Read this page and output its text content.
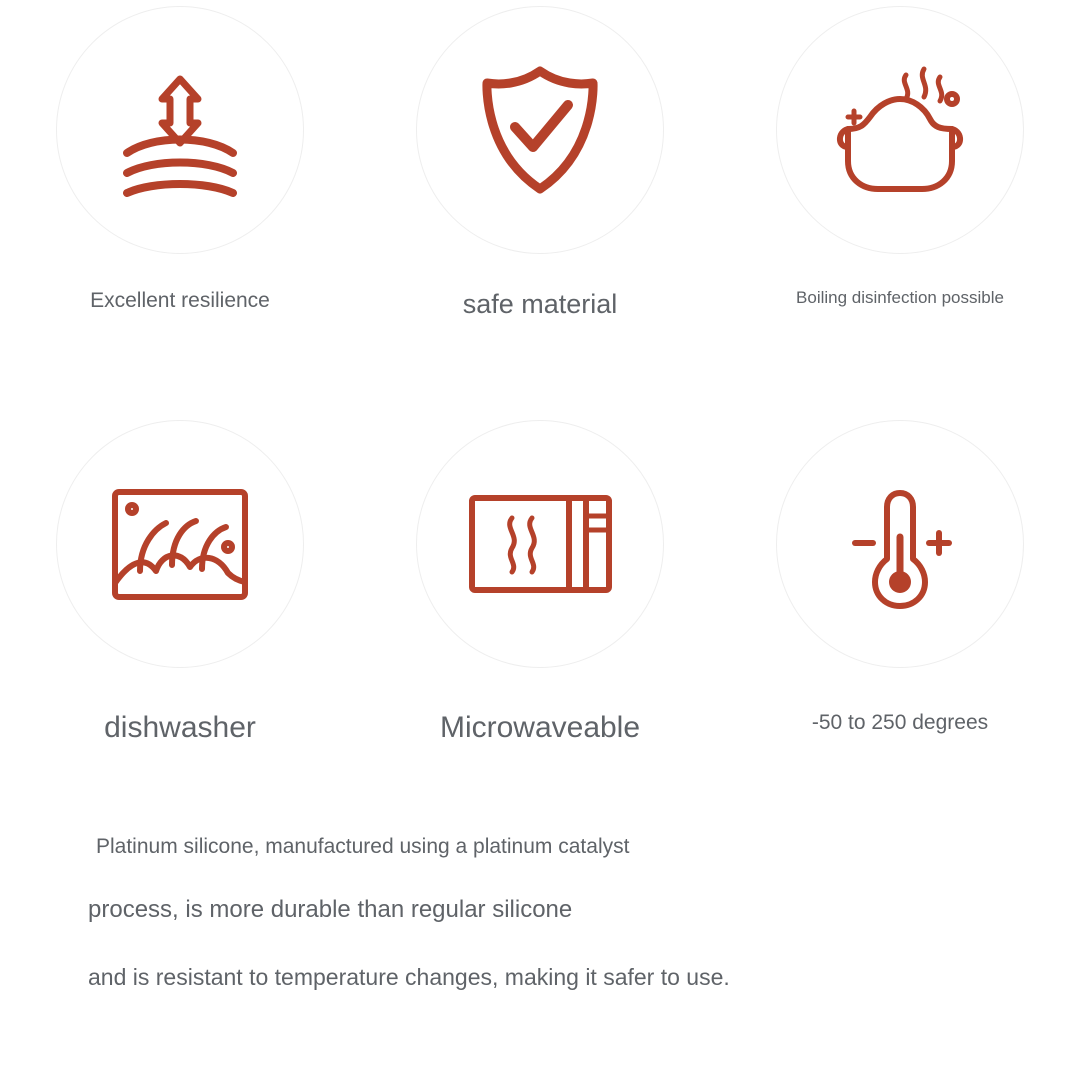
Excellent resilience	safe material	Boiling disinfection possible
dishwasher	Microwaveable	-50 to 250 degrees
Platinum silicone, manufactured using a platinum catalyst
process, is more durable than regular silicone
and is resistant to temperature changes, making it safer to use.
